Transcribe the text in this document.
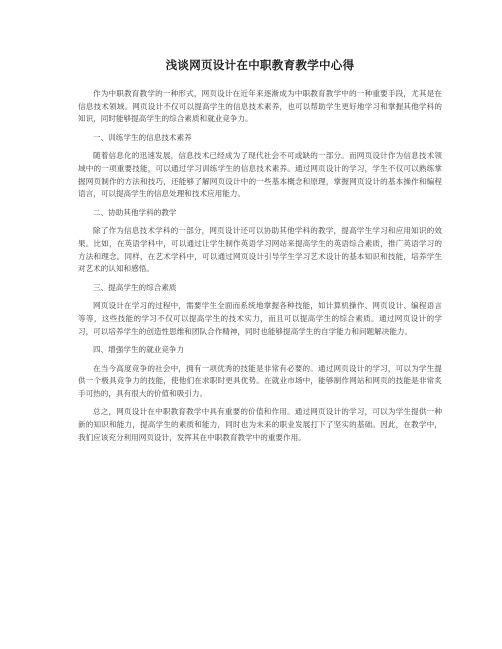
浅谈网页设计在中职教育教学中心得

作为中职教育教学的一种形式，网页设计在近年来逐渐成为中职教育教学中的一种重要手段，尤其是在信息技术领域。网页设计不仅可以提高学生的信息技术素养，也可以帮助学生更好地学习和掌握其他学科的知识，同时能够提高学生的综合素质和就业竞争力。

一、训练学生的信息技术素养

随着信息化的迅速发展，信息技术已经成为了现代社会不可或缺的一部分。而网页设计作为信息技术领域中的一项重要技能，可以通过学习训练学生的信息技术素养。通过网页设计的学习，学生不仅可以熟练掌握网页制作的方法和技巧，还能够了解网页设计中的一些基本概念和原理，掌握网页设计的基本操作和编程语言，可以提高学生的信息处理和技术应用能力。

二、协助其他学科的教学

除了作为信息技术学科的一部分，网页设计还可以协助其他学科的教学，提高学生学习和应用知识的效果。比如，在英语学科中，可以通过让学生制作英语学习网站来提高学生的英语综合素质，推广英语学习的方法和理念。同样，在艺术学科中，可以通过网页设计引导学生学习艺术设计的基本知识和技能，培养学生对艺术的认知和感悟。

三、提高学生的综合素质

网页设计在学习的过程中，需要学生全面而系统地掌握各种技能，如计算机操作、网页设计、编程语言等等，这些技能的学习不仅可以提高学生的技术实力，而且可以提高学生的综合素质。通过网页设计的学习，可以培养学生的创造性思维和团队合作精神，同时也能够提高学生的自学能力和问题解决能力。

四、增强学生的就业竞争力

在当今高度竞争的社会中，拥有一项优秀的技能是非常有必要的。通过网页设计的学习，可以为学生提供一个极具竞争力的技能，使他们在求职时更具优势。在就业市场中，能够制作网站和网页的技能是非常炙手可热的，具有很大的价值和吸引力。

总之，网页设计在中职教育教学中具有重要的价值和作用。通过网页设计的学习，可以为学生提供一种新的知识和能力，提高学生的素质和能力，同时也为未来的职业发展打下了坚实的基础。因此，在教学中，我们应该充分利用网页设计，发挥其在中职教育教学中的重要作用。
